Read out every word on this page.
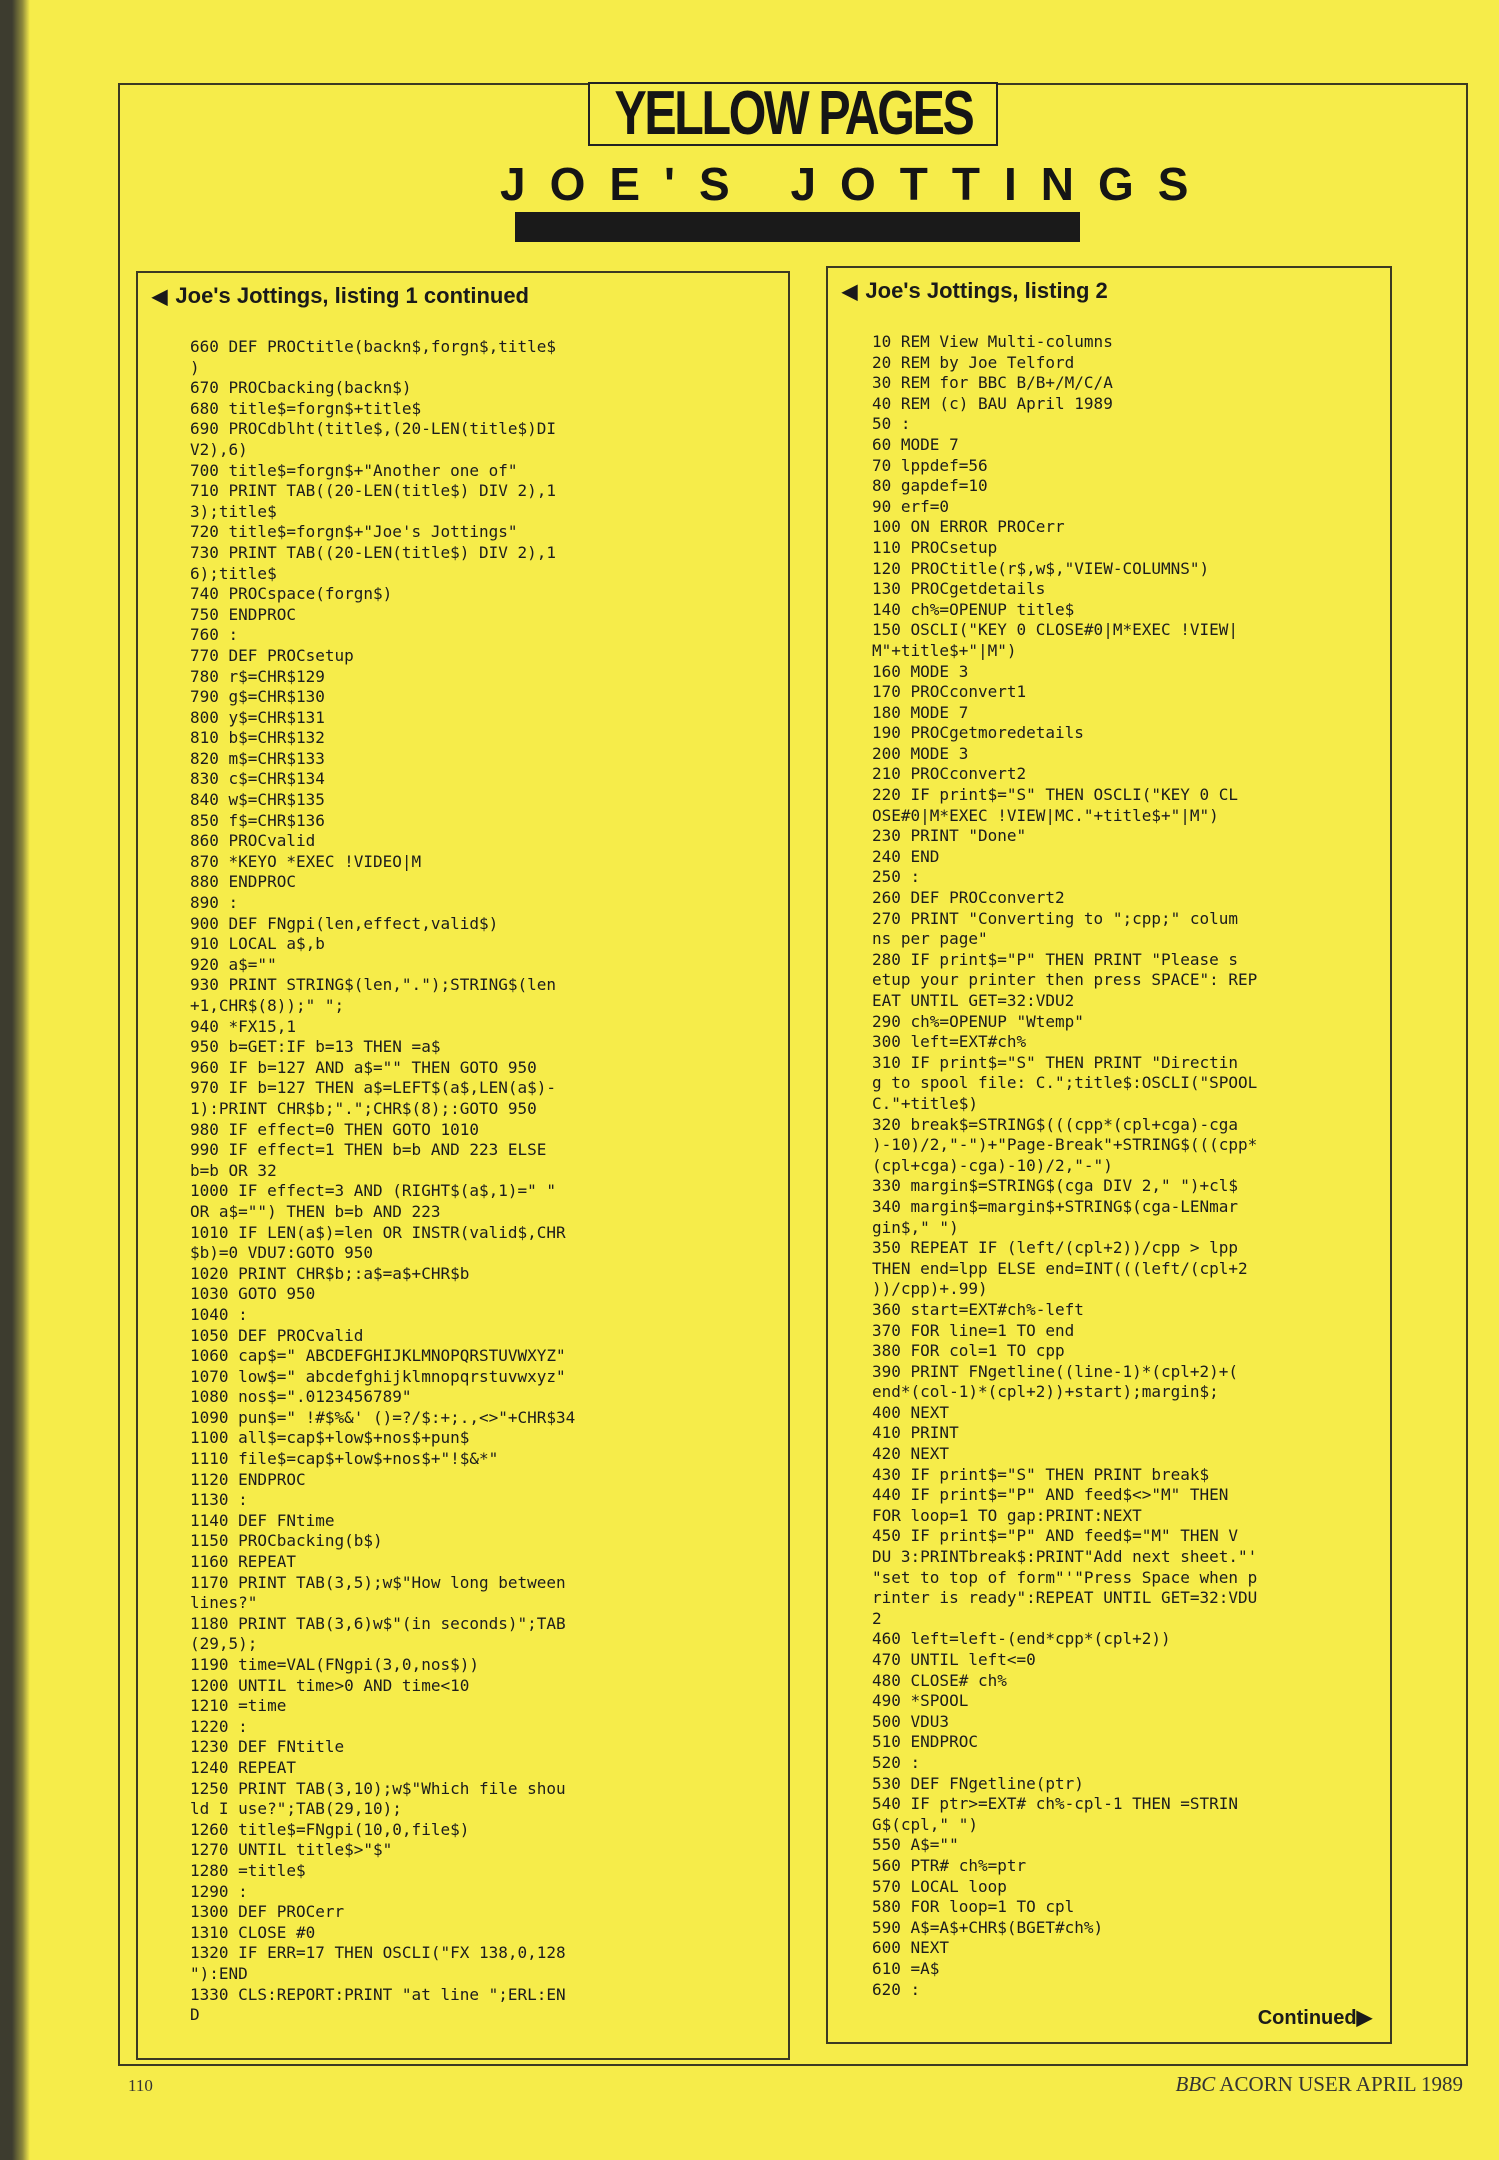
YELLOW PAGES
JOE'S JOTTINGS
◀ Joe's Jottings, listing 1 continued
660 DEF PROCtitle(backn$,forgn$,title$
)
670 PROCbacking(backn$)
680 title$=forgn$+title$
690 PROCdblht(title$,(20-LEN(title$)DI
V2),6)
700 title$=forgn$+"Another one of"
710 PRINT TAB((20-LEN(title$) DIV 2),1
3);title$
720 title$=forgn$+"Joe's Jottings"
730 PRINT TAB((20-LEN(title$) DIV 2),1
6);title$
740 PROCspace(forgn$)
750 ENDPROC
760 :
770 DEF PROCsetup
780 r$=CHR$129
790 g$=CHR$130
800 y$=CHR$131
810 b$=CHR$132
820 m$=CHR$133
830 c$=CHR$134
840 w$=CHR$135
850 f$=CHR$136
860 PROCvalid
870 *KEYO *EXEC !VIDEO|M
880 ENDPROC
890 :
900 DEF FNgpi(len,effect,valid$)
910 LOCAL a$,b
920 a$=""
930 PRINT STRING$(len,".");STRING$(len
+1,CHR$(8));" ";
940 *FX15,1
950 b=GET:IF b=13 THEN =a$
960 IF b=127 AND a$="" THEN GOTO 950
970 IF b=127 THEN a$=LEFT$(a$,LEN(a$)-
1):PRINT CHR$b;".";CHR$(8);:GOTO 950
980 IF effect=0 THEN GOTO 1010
990 IF effect=1 THEN b=b AND 223 ELSE
b=b OR 32
1000 IF effect=3 AND (RIGHT$(a$,1)=" "
OR a$="") THEN b=b AND 223
1010 IF LEN(a$)=len OR INSTR(valid$,CHR
$b)=0 VDU7:GOTO 950
1020 PRINT CHR$b;:a$=a$+CHR$b
1030 GOTO 950
1040 :
1050 DEF PROCvalid
1060 cap$=" ABCDEFGHIJKLMNOPQRSTUVWXYZ"
1070 low$=" abcdefghijklmnopqrstuvwxyz"
1080 nos$=".0123456789"
1090 pun$=" !#$%&' ()=?/$:+;.,<>"+CHR$34
1100 all$=cap$+low$+nos$+pun$
1110 file$=cap$+low$+nos$+"!$&*"
1120 ENDPROC
1130 :
1140 DEF FNtime
1150 PROCbacking(b$)
1160 REPEAT
1170 PRINT TAB(3,5);w$"How long between
lines?"
1180 PRINT TAB(3,6)w$"(in seconds)";TAB
(29,5);
1190 time=VAL(FNgpi(3,0,nos$))
1200 UNTIL time>0 AND time<10
1210 =time
1220 :
1230 DEF FNtitle
1240 REPEAT
1250 PRINT TAB(3,10);w$"Which file shou
ld I use?";TAB(29,10);
1260 title$=FNgpi(10,0,file$)
1270 UNTIL title$>"$"
1280 =title$
1290 :
1300 DEF PROCerr
1310 CLOSE #0
1320 IF ERR=17 THEN OSCLI("FX 138,0,128
"):END
1330 CLS:REPORT:PRINT "at line ";ERL:EN
D
◀ Joe's Jottings, listing 2
10 REM View Multi-columns
20 REM by Joe Telford
30 REM for BBC B/B+/M/C/A
40 REM (c) BAU April 1989
50 :
60 MODE 7
70 lppdef=56
80 gapdef=10
90 erf=0
100 ON ERROR PROCerr
110 PROCsetup
120 PROCtitle(r$,w$,"VIEW-COLUMNS")
130 PROCgetdetails
140 ch%=OPENUP title$
150 OSCLI("KEY 0 CLOSE#0|M*EXEC !VIEW|
M"+title$+"|M")
160 MODE 3
170 PROCconvert1
180 MODE 7
190 PROCgetmoredetails
200 MODE 3
210 PROCconvert2
220 IF print$="S" THEN OSCLI("KEY 0 CL
OSE#0|M*EXEC !VIEW|MC."+title$+"|M")
230 PRINT "Done"
240 END
250 :
260 DEF PROCconvert2
270 PRINT "Converting to ";cpp;" colum
ns per page"
280 IF print$="P" THEN PRINT "Please s
etup your printer then press SPACE": REP
EAT UNTIL GET=32:VDU2
290 ch%=OPENUP "Wtemp"
300 left=EXT#ch%
310 IF print$="S" THEN PRINT "Directin
g to spool file: C.";title$:OSCLI("SPOOL
C."+title$)
320 break$=STRING$(((cpp*(cpl+cga)-cga
)-10)/2,"-")+"Page-Break"+STRING$(((cpp*
(cpl+cga)-cga)-10)/2,"-")
330 margin$=STRING$(cga DIV 2," ")+cl$
340 margin$=margin$+STRING$(cga-LENmar
gin$," ")
350 REPEAT IF (left/(cpl+2))/cpp > lpp
THEN end=lpp ELSE end=INT(((left/(cpl+2
))/cpp)+.99)
360 start=EXT#ch%-left
370 FOR line=1 TO end
380 FOR col=1 TO cpp
390 PRINT FNgetline((line-1)*(cpl+2)+(
end*(col-1)*(cpl+2))+start);margin$;
400 NEXT
410 PRINT
420 NEXT
430 IF print$="S" THEN PRINT break$
440 IF print$="P" AND feed$<>"M" THEN
FOR loop=1 TO gap:PRINT:NEXT
450 IF print$="P" AND feed$="M" THEN V
DU 3:PRINTbreak$:PRINT"Add next sheet."'
"set to top of form"'"Press Space when p
rinter is ready":REPEAT UNTIL GET=32:VDU
2
460 left=left-(end*cpp*(cpl+2))
470 UNTIL left<=0
480 CLOSE# ch%
490 *SPOOL
500 VDU3
510 ENDPROC
520 :
530 DEF FNgetline(ptr)
540 IF ptr>=EXT# ch%-cpl-1 THEN =STRIN
G$(cpl," ")
550 A$=""
560 PTR# ch%=ptr
570 LOCAL loop
580 FOR loop=1 TO cpl
590 A$=A$+CHR$(BGET#ch%)
600 NEXT
610 =A$
620 :
Continued▶
110	BBC ACORN USER APRIL 1989
